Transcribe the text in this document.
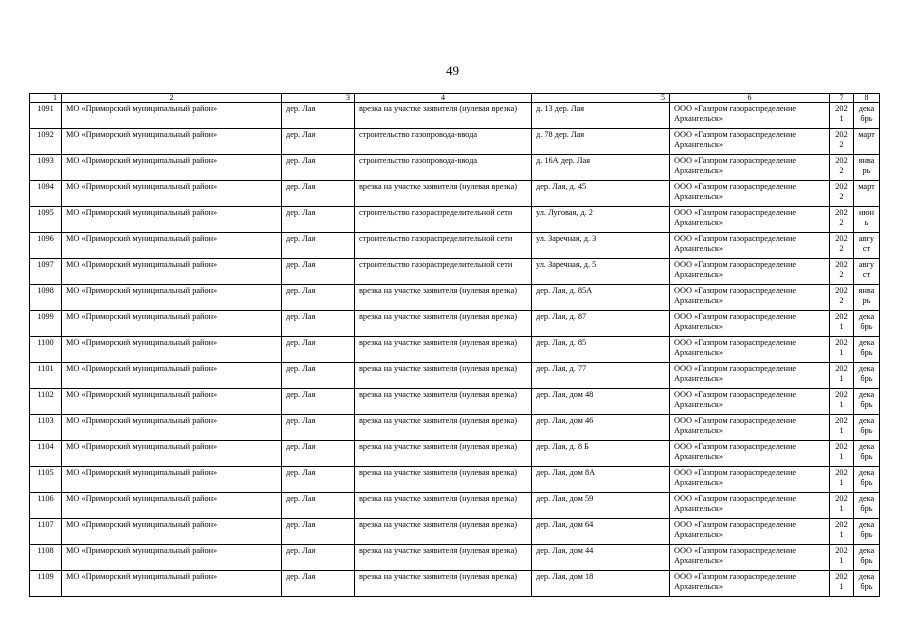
49
1	2	3	4	5	6	7	8
1091	МО «Приморский муниципальный район»	дер. Лая	врезка на участке заявителя (нулевая врезка)	д. 13 дер. Лая	ООО «Газпром газораспределение Архангельск»	2021	декабрь
1092	МО «Приморский муниципальный район»	дер. Лая	строительство газопровода-ввода	д. 78 дер. Лая	ООО «Газпром газораспределение Архангельск»	2022	март
1093	МО «Приморский муниципальный район»	дер. Лая	строительство газопровода-ввода	д. 16А дер. Лая	ООО «Газпром газораспределение Архангельск»	2022	январь
1094	МО «Приморский муниципальный район»	дер. Лая	врезка на участке заявителя (нулевая врезка)	дер. Лая, д. 45	ООО «Газпром газораспределение Архангельск»	2022	март
1095	МО «Приморский муниципальный район»	дер. Лая	строительство газораспределительной сети	ул. Луговая, д. 2	ООО «Газпром газораспределение Архангельск»	2022	июнь
1096	МО «Приморский муниципальный район»	дер. Лая	строительство газораспределительной сети	ул. Заречная, д. 3	ООО «Газпром газораспределение Архангельск»	2022	август
1097	МО «Приморский муниципальный район»	дер. Лая	строительство газораспределительной сети	ул. Заречная, д. 5	ООО «Газпром газораспределение Архангельск»	2022	август
1098	МО «Приморский муниципальный район»	дер. Лая	врезка на участке заявителя (нулевая врезка)	дер. Лая, д. 85А	ООО «Газпром газораспределение Архангельск»	2022	январь
1099	МО «Приморский муниципальный район»	дер. Лая	врезка на участке заявителя (нулевая врезка)	дер. Лая, д. 87	ООО «Газпром газораспределение Архангельск»	2021	декабрь
1100	МО «Приморский муниципальный район»	дер. Лая	врезка на участке заявителя (нулевая врезка)	дер. Лая, д. 85	ООО «Газпром газораспределение Архангельск»	2021	декабрь
1101	МО «Приморский муниципальный район»	дер. Лая	врезка на участке заявителя (нулевая врезка)	дер. Лая, д. 77	ООО «Газпром газораспределение Архангельск»	2021	декабрь
1102	МО «Приморский муниципальный район»	дер. Лая	врезка на участке заявителя (нулевая врезка)	дер. Лая, дом 48	ООО «Газпром газораспределение Архангельск»	2021	декабрь
1103	МО «Приморский муниципальный район»	дер. Лая	врезка на участке заявителя (нулевая врезка)	дер. Лая, дом 46	ООО «Газпром газораспределение Архангельск»	2021	декабрь
1104	МО «Приморский муниципальный район»	дер. Лая	врезка на участке заявителя (нулевая врезка)	дер. Лая, д. 8 Б	ООО «Газпром газораспределение Архангельск»	2021	декабрь
1105	МО «Приморский муниципальный район»	дер. Лая	врезка на участке заявителя (нулевая врезка)	дер. Лая, дом 8А	ООО «Газпром газораспределение Архангельск»	2021	декабрь
1106	МО «Приморский муниципальный район»	дер. Лая	врезка на участке заявителя (нулевая врезка)	дер. Лая, дом 59	ООО «Газпром газораспределение Архангельск»	2021	декабрь
1107	МО «Приморский муниципальный район»	дер. Лая	врезка на участке заявителя (нулевая врезка)	дер. Лая, дом 64	ООО «Газпром газораспределение Архангельск»	2021	декабрь
1108	МО «Приморский муниципальный район»	дер. Лая	врезка на участке заявителя (нулевая врезка)	дер. Лая, дом 44	ООО «Газпром газораспределение Архангельск»	2021	декабрь
1109	МО «Приморский муниципальный район»	дер. Лая	врезка на участке заявителя (нулевая врезка)	дер. Лая, дом 18	ООО «Газпром газораспределение Архангельск»	2021	декабрь
